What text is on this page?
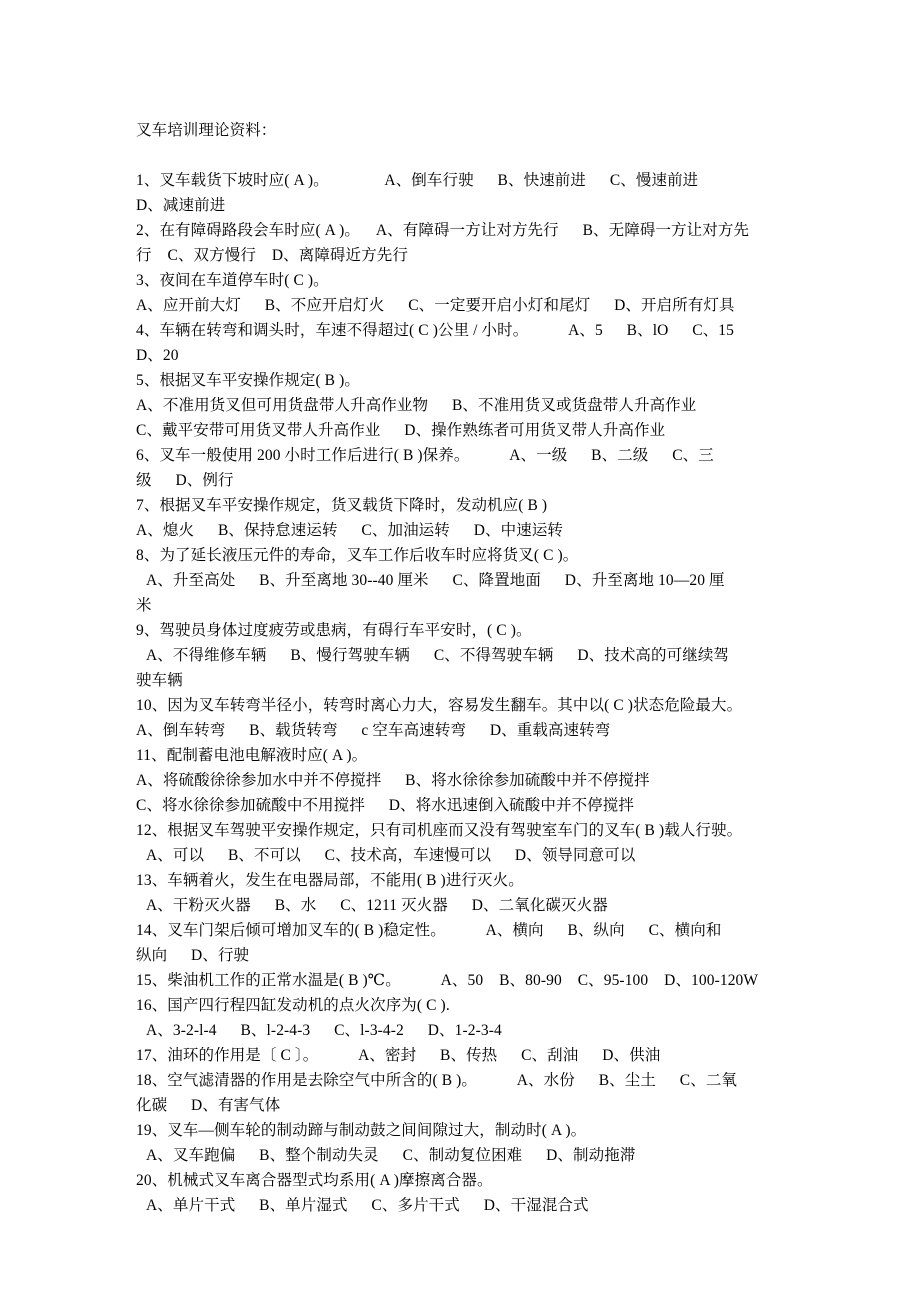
叉车培训理论资料：
1、叉车载货下坡时应( A )。              A、倒车行驶      B、快速前进      C、慢速前进
D、减速前进
2、在有障碍路段会车时应( A )。    A、有障碍一方让对方先行      B、无障碍一方让对方先
行    C、双方慢行    D、离障碍近方先行
3、夜间在车道停车时( C )。
A、应开前大灯      B、不应开启灯火      C、一定要开启小灯和尾灯      D、开启所有灯具
4、车辆在转弯和调头时，车速不得超过( C )公里 / 小时。          A、5      B、lO      C、15
D、20
5、根据叉车平安操作规定( B )。
A、不准用货叉但可用货盘带人升高作业物      B、不准用货叉或货盘带人升高作业
C、戴平安带可用货叉带人升高作业      D、操作熟练者可用货叉带人升高作业
6、叉车一般使用 200 小时工作后进行( B )保养。          A、一级      B、二级      C、三
级      D、例行
7、根据叉车平安操作规定，货叉载货下降时，发动机应( B )
A、熄火      B、保持怠速运转      C、加油运转      D、中速运转
8、为了延长液压元件的寿命，叉车工作后收车时应将货叉( C )。
A、升至高处      B、升至离地 30--40 厘米      C、降置地面      D、升至离地 10—20 厘
米
9、驾驶员身体过度疲劳或患病，有碍行车平安时，( C )。
A、不得维修车辆      B、慢行驾驶车辆      C、不得驾驶车辆      D、技术高的可继续驾
驶车辆
10、因为叉车转弯半径小，转弯时离心力大，容易发生翻车。其中以( C )状态危险最大。
A、倒车转弯      B、载货转弯      c 空车高速转弯      D、重载高速转弯
11、配制蓄电池电解液时应( A )。
A、将硫酸徐徐参加水中并不停搅拌      B、将水徐徐参加硫酸中并不停搅拌
C、将水徐徐参加硫酸中不用搅拌      D、将水迅速倒入硫酸中并不停搅拌
12、根据叉车驾驶平安操作规定，只有司机座而又没有驾驶室车门的叉车( B )载人行驶。
A、可以      B、不可以      C、技术高，车速慢可以      D、领导同意可以
13、车辆着火，发生在电器局部，不能用( B )进行灭火。
A、干粉灭火器      B、水      C、1211 灭火器      D、二氧化碳灭火器
14、叉车门架后倾可增加叉车的( B )稳定性。          A、横向      B、纵向      C、横向和
纵向      D、行驶
15、柴油机工作的正常水温是( B )℃。          A、50    B、80-90    C、95-100    D、100-120W
16、国产四行程四缸发动机的点火次序为( C ).
A、3-2-l-4      B、l-2-4-3      C、l-3-4-2      D、1-2-3-4
17、油环的作用是〔 C 〕。          A、密封      B、传热      C、刮油      D、供油
18、空气滤清器的作用是去除空气中所含的( B )。          A、水份      B、尘土      C、二氧
化碳      D、有害气体
19、叉车—侧车轮的制动蹄与制动鼓之间间隙过大，制动时( A )。
A、叉车跑偏      B、整个制动失灵      C、制动复位困难      D、制动拖滞
20、机械式叉车离合器型式均系用( A )摩擦离合器。
A、单片干式      B、单片湿式      C、多片干式      D、干湿混合式
